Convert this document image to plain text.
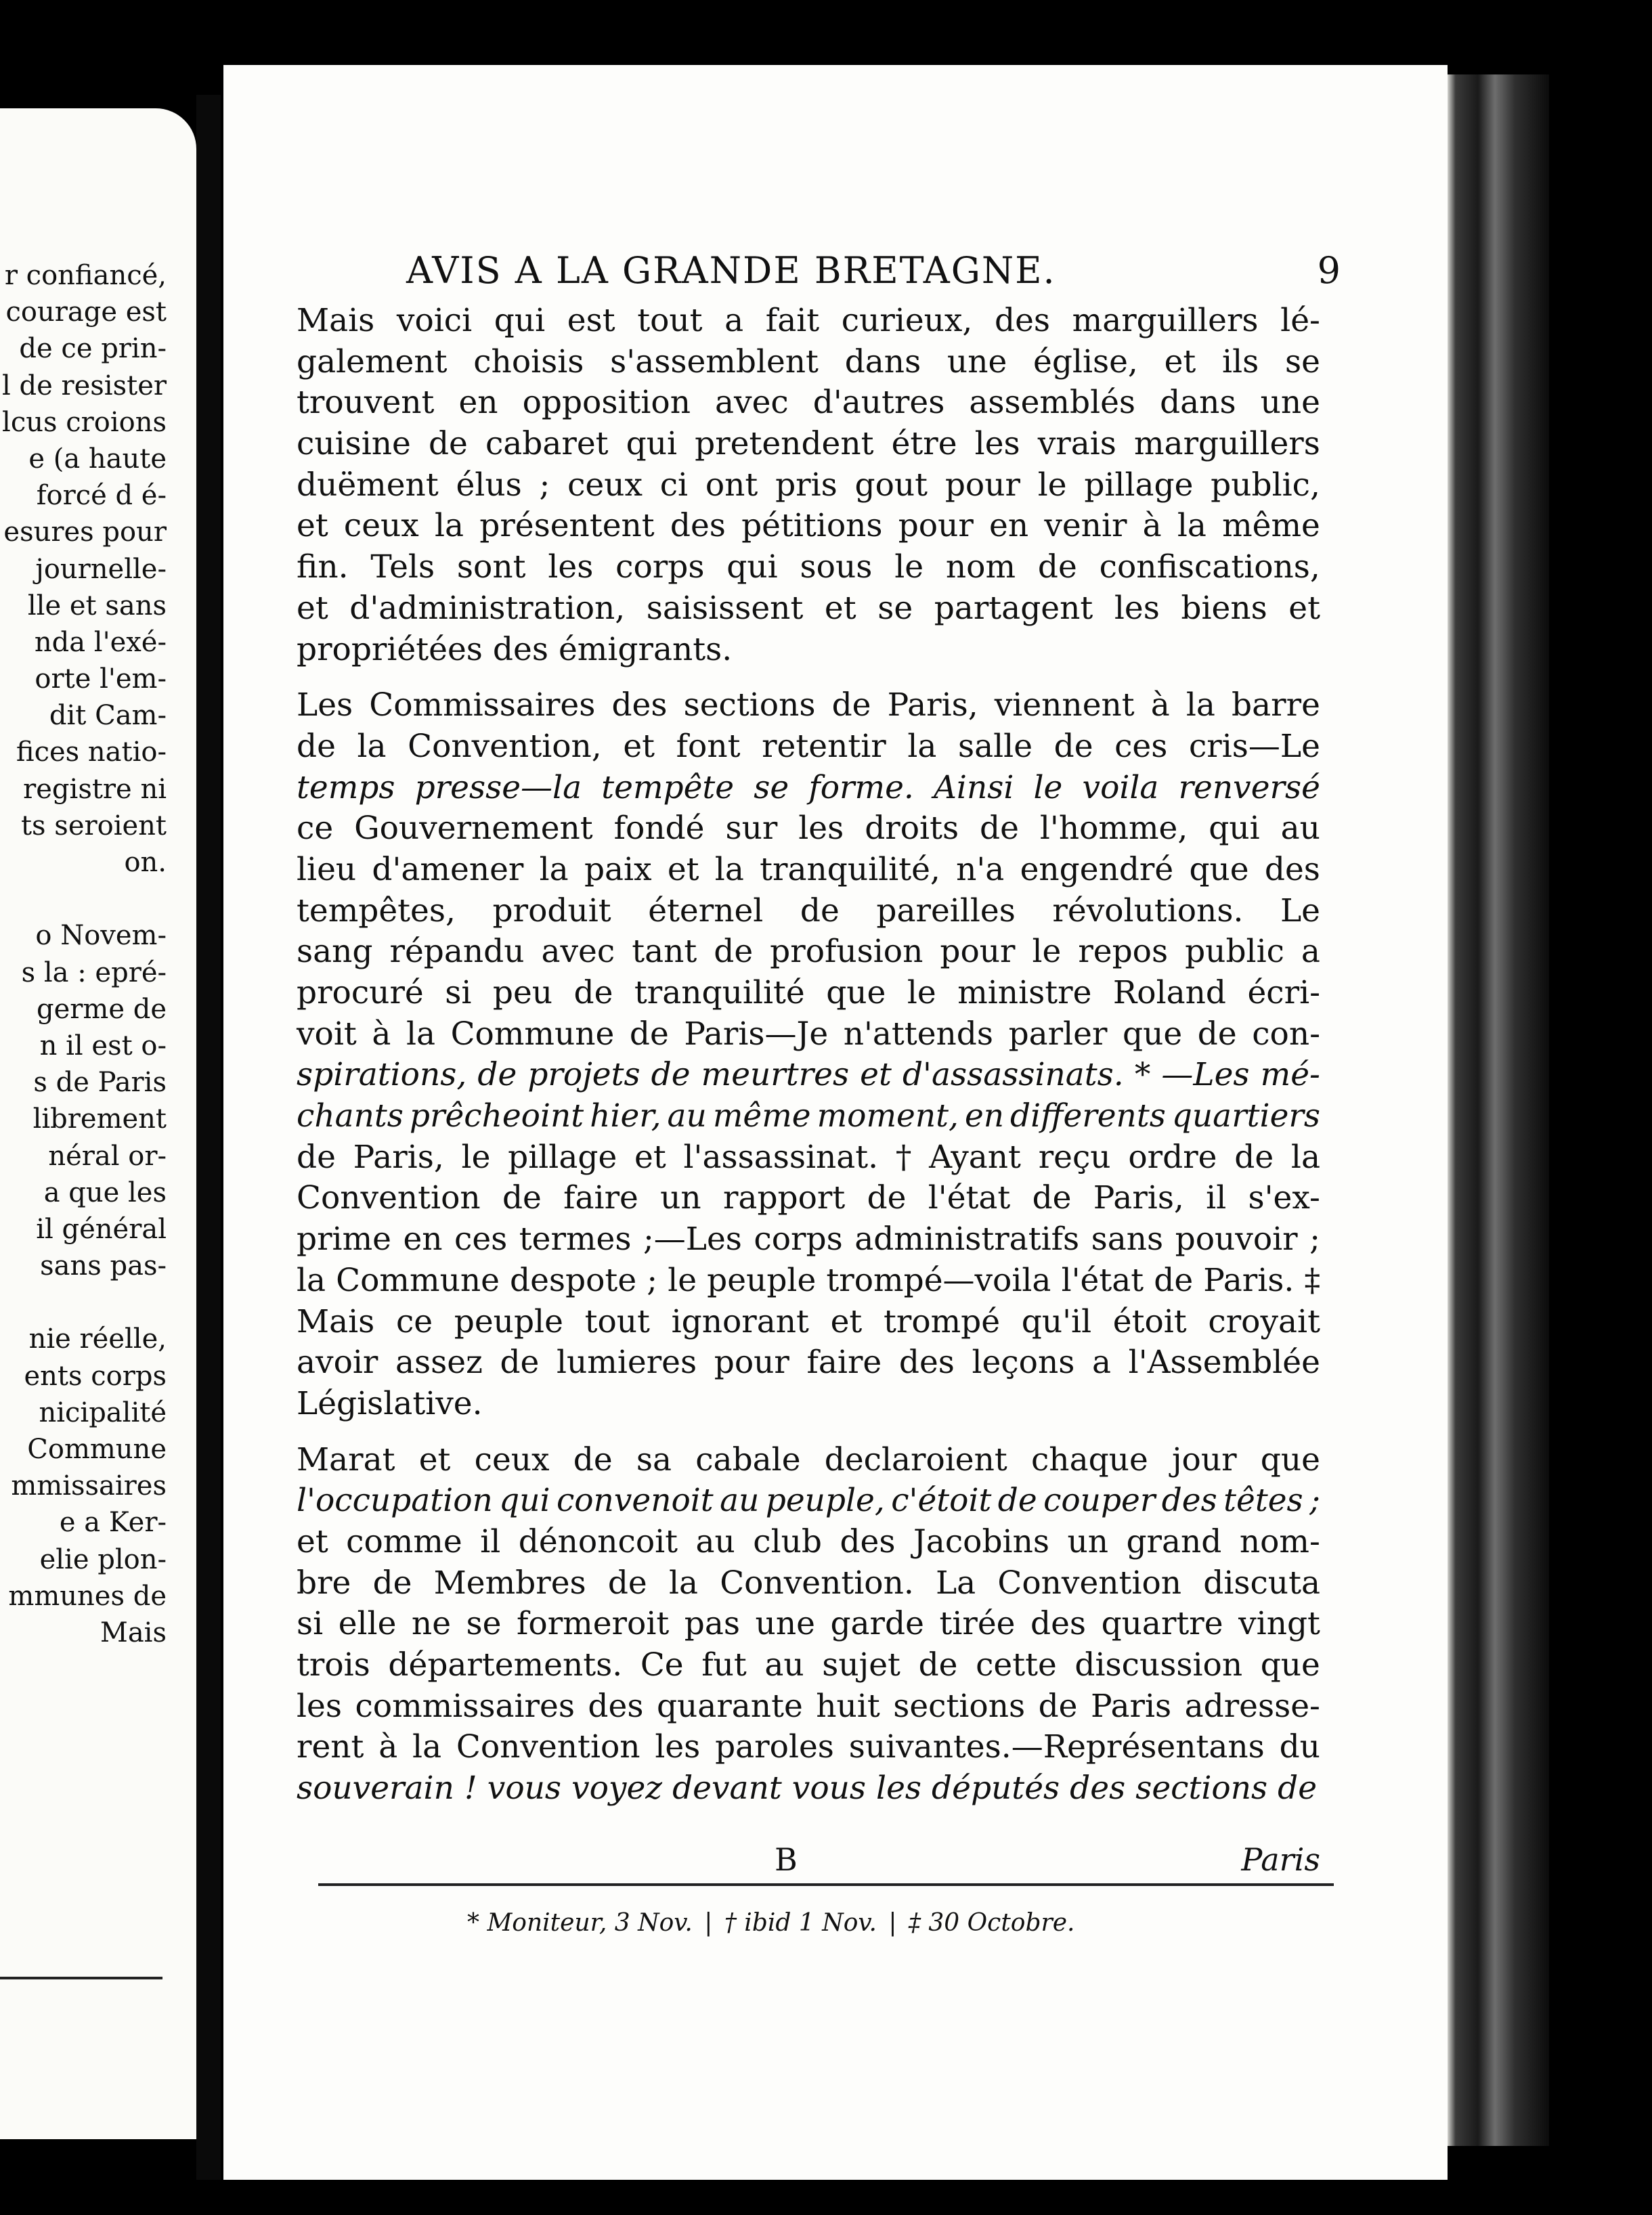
r confiancé,
courage est
de ce prin-
l de resister
lcus croions
e (a haute
forcé d é-
esures pour
journelle-
lle et sans
nda l'exé-
orte l'em-
dit Cam-
fices natio-
registre ni
ts seroient
on.
o Novem-
s la : epré-
germe de
n il est o-
s de Paris
librement
néral or-
a que les
il général
sans pas-
nie réelle,
ents corps
nicipalité
Commune
mmissaires
e a Ker-
elie plon-
mmunes de
Mais
AVIS A LA GRANDE BRETAGNE.	9
Mais voici qui est tout a fait curieux, des marguillers lé-
galement choisis s'assemblent dans une église, et ils se
trouvent en opposition avec d'autres assemblés dans une
cuisine de cabaret qui pretendent étre les vrais marguillers
duëment élus ; ceux ci ont pris gout pour le pillage public,
et ceux la présentent des pétitions pour en venir à la même
fin. Tels sont les corps qui sous le nom de confiscations,
et d'administration, saisissent et se partagent les biens et
propriétées des émigrants.
Les Commissaires des sections de Paris, viennent à la barre
de la Convention, et font retentir la salle de ces cris—Le
temps presse—la tempête se forme. Ainsi le voila renversé
ce Gouvernement fondé sur les droits de l'homme, qui au
lieu d'amener la paix et la tranquilité, n'a engendré que des
tempêtes, produit éternel de pareilles révolutions. Le
sang répandu avec tant de profusion pour le repos public a
procuré si peu de tranquilité que le ministre Roland écri-
voit à la Commune de Paris—Je n'attends parler que de con-
spirations, de projets de meurtres et d'assassinats. * —Les mé-
chants prêcheoint hier, au même moment, en differents quartiers
de Paris, le pillage et l'assassinat. † Ayant reçu ordre de la
Convention de faire un rapport de l'état de Paris, il s'ex-
prime en ces termes ;—Les corps administratifs sans pouvoir ;
la Commune despote ; le peuple trompé—voila l'état de Paris. ‡
Mais ce peuple tout ignorant et trompé qu'il étoit croyait
avoir assez de lumieres pour faire des leçons a l'Assemblée
Législative.
Marat et ceux de sa cabale declaroient chaque jour que
l'occupation qui convenoit au peuple, c'étoit de couper des têtes ;
et comme il dénoncoit au club des Jacobins un grand nom-
bre de Membres de la Convention. La Convention discuta
si elle ne se formeroit pas une garde tirée des quartre vingt
trois départements. Ce fut au sujet de cette discussion que
les commissaires des quarante huit sections de Paris adresse-
rent à la Convention les paroles suivantes.—Représentans du
souverain ! vous voyez devant vous les députés des sections de
B	Paris
* Moniteur, 3 Nov. | † ibid 1 Nov. | ‡ 30 Octobre.
